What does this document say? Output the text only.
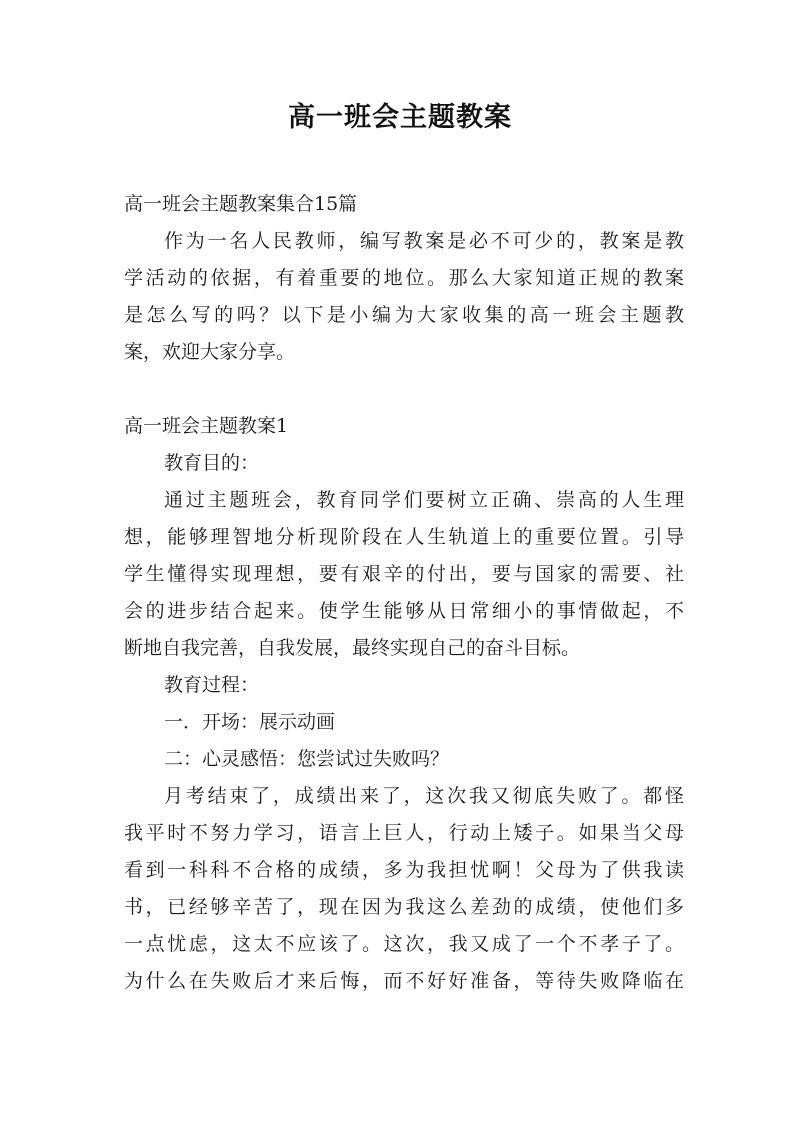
高一班会主题教案
高一班会主题教案集合15篇
作为一名人民教师，编写教案是必不可少的，教案是教
学活动的依据，有着重要的地位。那么大家知道正规的教案
是怎么写的吗？以下是小编为大家收集的高一班会主题教
案，欢迎大家分享。
高一班会主题教案1
教育目的：
通过主题班会，教育同学们要树立正确、崇高的人生理
想，能够理智地分析现阶段在人生轨道上的重要位置。引导
学生懂得实现理想，要有艰辛的付出，要与国家的需要、社
会的进步结合起来。使学生能够从日常细小的事情做起，不
断地自我完善，自我发展，最终实现自己的奋斗目标。
教育过程：
一．开场：展示动画
二：心灵感悟：您尝试过失败吗？
月考结束了，成绩出来了，这次我又彻底失败了。都怪
我平时不努力学习，语言上巨人，行动上矮子。如果当父母
看到一科科不合格的成绩，多为我担忧啊！父母为了供我读
书，已经够辛苦了，现在因为我这么差劲的成绩，使他们多
一点忧虑，这太不应该了。这次，我又成了一个不孝子了。
为什么在失败后才来后悔，而不好好准备，等待失败降临在
